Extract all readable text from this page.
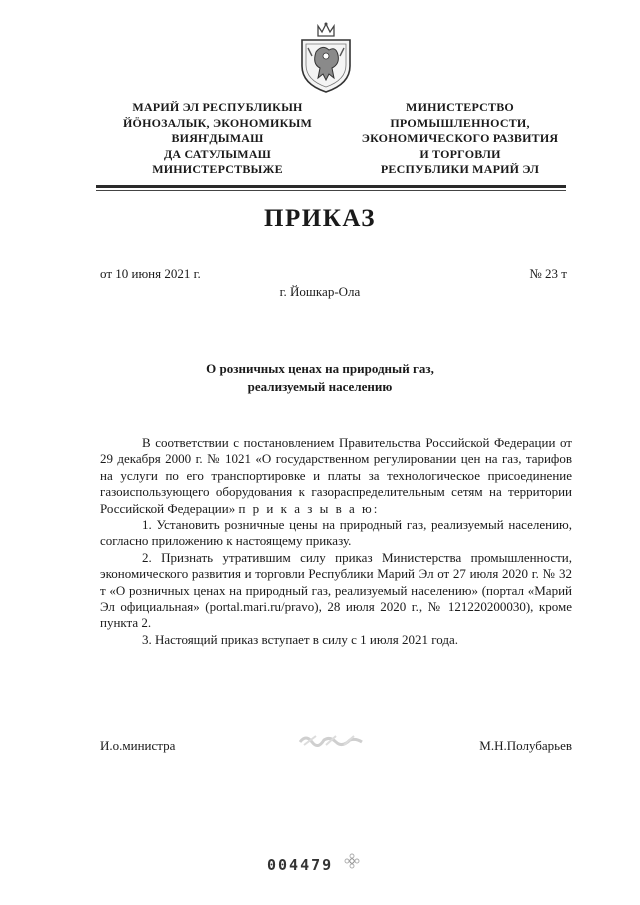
МАРИЙ ЭЛ РЕСПУБЛИКЫН
ЙÖНОЗАЛЫК, ЭКОНОМИКЫМ
ВИЯҤДЫМАШ
ДА САТУЛЫМАШ
МИНИСТЕРСТВЫЖЕ
МИНИСТЕРСТВО
ПРОМЫШЛЕННОСТИ,
ЭКОНОМИЧЕСКОГО РАЗВИТИЯ
И ТОРГОВЛИ
РЕСПУБЛИКИ МАРИЙ ЭЛ
ПРИКАЗ
от 10 июня 2021 г.	№ 23 т
г. Йошкар-Ола
О розничных ценах на природный газ,
реализуемый населению

В соответствии с постановлением Правительства Российской Федерации от 29 декабря 2000 г. № 1021 «О государственном регулировании цен на газ, тарифов на услуги по его транспортировке и платы за технологическое присоединение газоиспользующего оборудования к газораспределительным сетям на территории Российской Федерации» п р и к а з ы в а ю:

1. Установить розничные цены на природный газ, реализуемый населению, согласно приложению к настоящему приказу.

2. Признать утратившим силу приказ Министерства промышленности, экономического развития и торговли Республики Марий Эл от 27 июля 2020 г. № 32 т «О розничных ценах на природный газ, реализуемый населению» (портал «Марий Эл официальная» (portal.mari.ru/pravo), 28 июля 2020 г., № 121220200030), кроме пункта 2.

3. Настоящий приказ вступает в силу с 1 июля 2021 года.

И.о.министра	М.Н.Полубарьев
004479
